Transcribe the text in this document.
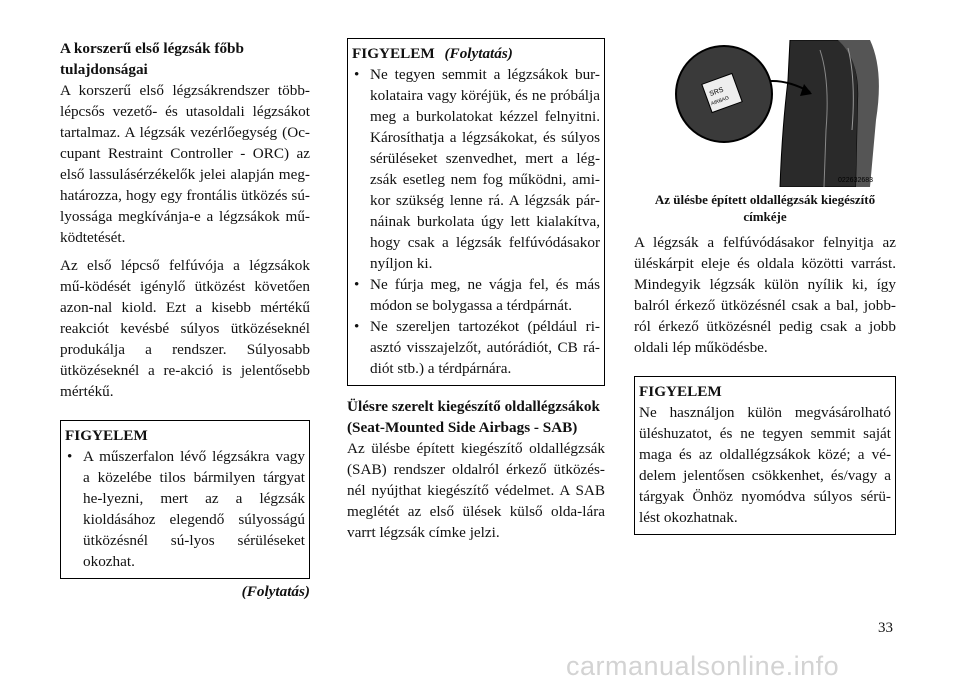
A korszerű első légzsák főbb tulajdonságai

A korszerű első légzsákrendszer több-lépcsős vezető- és utasoldali légzsákot tartalmaz. A légzsák vezérlőegység (Oc-cupant Restraint Controller - ORC) az első lassulásérzékelők jelei alapján meg-határozza, hogy egy frontális ütközés sú-lyossága megkívánja-e a légzsákok mű-ködtetését.

Az első lépcső felfúvója a légzsákok mű-ködését igénylő ütközést követően azon-nal kiold. Ezt a kisebb mértékű reakciót kevésbé súlyos ütközéseknél produkálja a rendszer. Súlyosabb ütközéseknél a re-akció is jelentősebb mértékű.

FIGYELEM
• A műszerfalon lévő légzsákra vagy a közelébe tilos bármilyen tárgyat he-lyezni, mert az a légzsák kioldásához elegendő súlyosságú ütközésnél sú-lyos sérüléseket okozhat.

(Folytatás)

FIGYELEM (Folytatás)
• Ne tegyen semmit a légzsákok bur-kolataira vagy köréjük, és ne próbálja meg a burkolatokat kézzel felnyitni. Károsíthatja a légzsákokat, és súlyos sérüléseket szenvedhet, mert a lég-zsák esetleg nem fog működni, ami-kor szükség lenne rá. A légzsák pár-náinak burkolata úgy lett kialakítva, hogy csak a légzsák felfúvódásakor nyíljon ki.
• Ne fúrja meg, ne vágja fel, és más módon se bolygassa a térdpárnát.
• Ne szereljen tartozékot (például ri-asztó visszajelzőt, autórádiót, CB rá-diót stb.) a térdpárnára.

Ülésre szerelt kiegészítő oldallégzsákok (Seat-Mounted Side Airbags - SAB)

Az ülésbe épített kiegészítő oldallégzsák (SAB) rendszer oldalról érkező ütközés-nél nyújthat kiegészítő védelmet. A SAB meglétét az első ülések külső olda-lára varrt légzsák címke jelzi.

SRS
AIRBAG
022632683

Az ülésbe épített oldallégzsák kiegészítő címkéje

A légzsák a felfúvódásakor felnyitja az üléskárpit eleje és oldala közötti varrást. Mindegyik légzsák külön nyílik ki, így balról érkező ütközésnél csak a bal, jobb-ról érkező ütközésnél pedig csak a jobb oldali lép működésbe.

FIGYELEM

Ne használjon külön megvásárolható üléshuzatot, és ne tegyen semmit saját maga és az oldallégzsákok közé; a vé-delem jelentősen csökkenhet, és/vagy a tárgyak Önhöz nyomódva súlyos sérü-lést okozhatnak.

33
carmanualsonline.info
